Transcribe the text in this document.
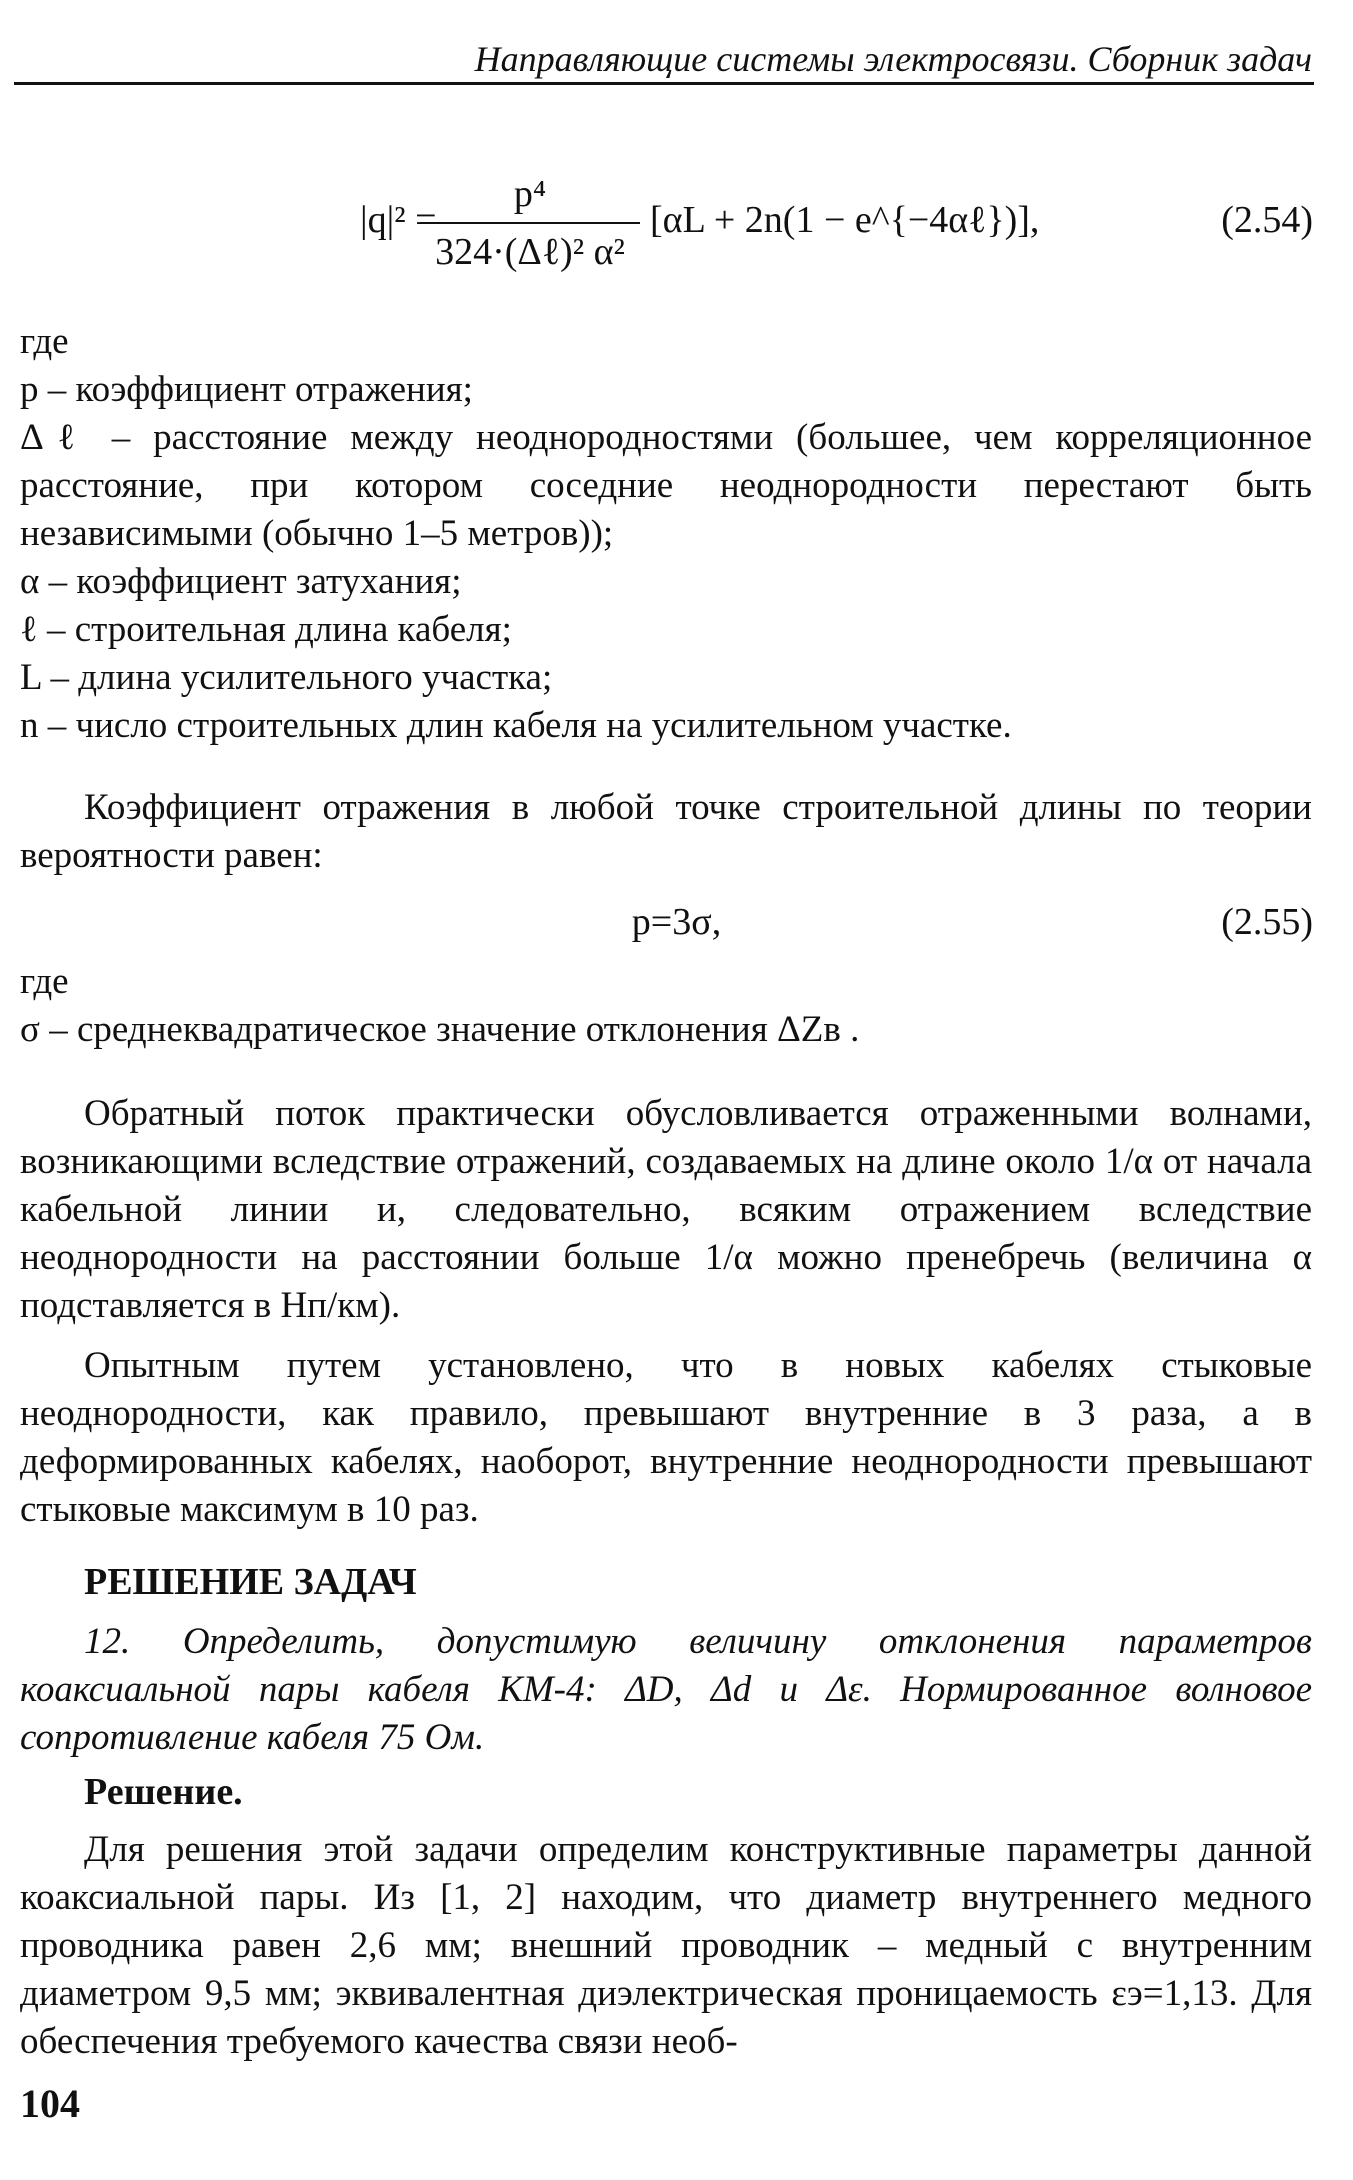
Направляющие системы электросвязи. Сборник задач
|q|² =
p⁴
324·(Δℓ)² α²
[αL + 2n(1 − e^{−4αℓ})],	(2.54)
где
p – коэффициент отражения;
Δℓ – расстояние между неоднородностями (большее, чем корреляционное расстояние, при котором соседние неоднородности перестают быть независимыми (обычно 1–5 метров));
α – коэффициент затухания;
ℓ – строительная длина кабеля;
L – длина усилительного участка;
n – число строительных длин кабеля на усилительном участке.

Коэффициент отражения в любой точке строительной длины по теории вероятности равен:

p=3σ,	(2.55)
где
σ – среднеквадратическое значение отклонения ΔZв .

Обратный поток практически обусловливается отраженными волнами, возникающими вследствие отражений, создаваемых на длине около 1/α от начала кабельной линии и, следовательно, всяким отражением вследствие неоднородности на расстоянии больше 1/α можно пренебречь (величина α подставляется в Нп/км).

Опытным путем установлено, что в новых кабелях стыковые неоднородности, как правило, превышают внутренние в 3 раза, а в деформированных кабелях, наоборот, внутренние неоднородности превышают стыковые максимум в 10 раз.

РЕШЕНИЕ ЗАДАЧ

12. Определить, допустимую величину отклонения параметров коаксиальной пары кабеля КМ-4: ΔD, Δd и Δε. Нормированное волновое сопротивление кабеля 75 Ом.

Решение.

Для решения этой задачи определим конструктивные параметры данной коаксиальной пары. Из [1, 2] находим, что диаметр внутреннего медного проводника равен 2,6 мм; внешний проводник – медный с внутренним диаметром 9,5 мм; эквивалентная диэлектрическая проницаемость εэ=1,13. Для обеспечения требуемого качества связи необ-

104
